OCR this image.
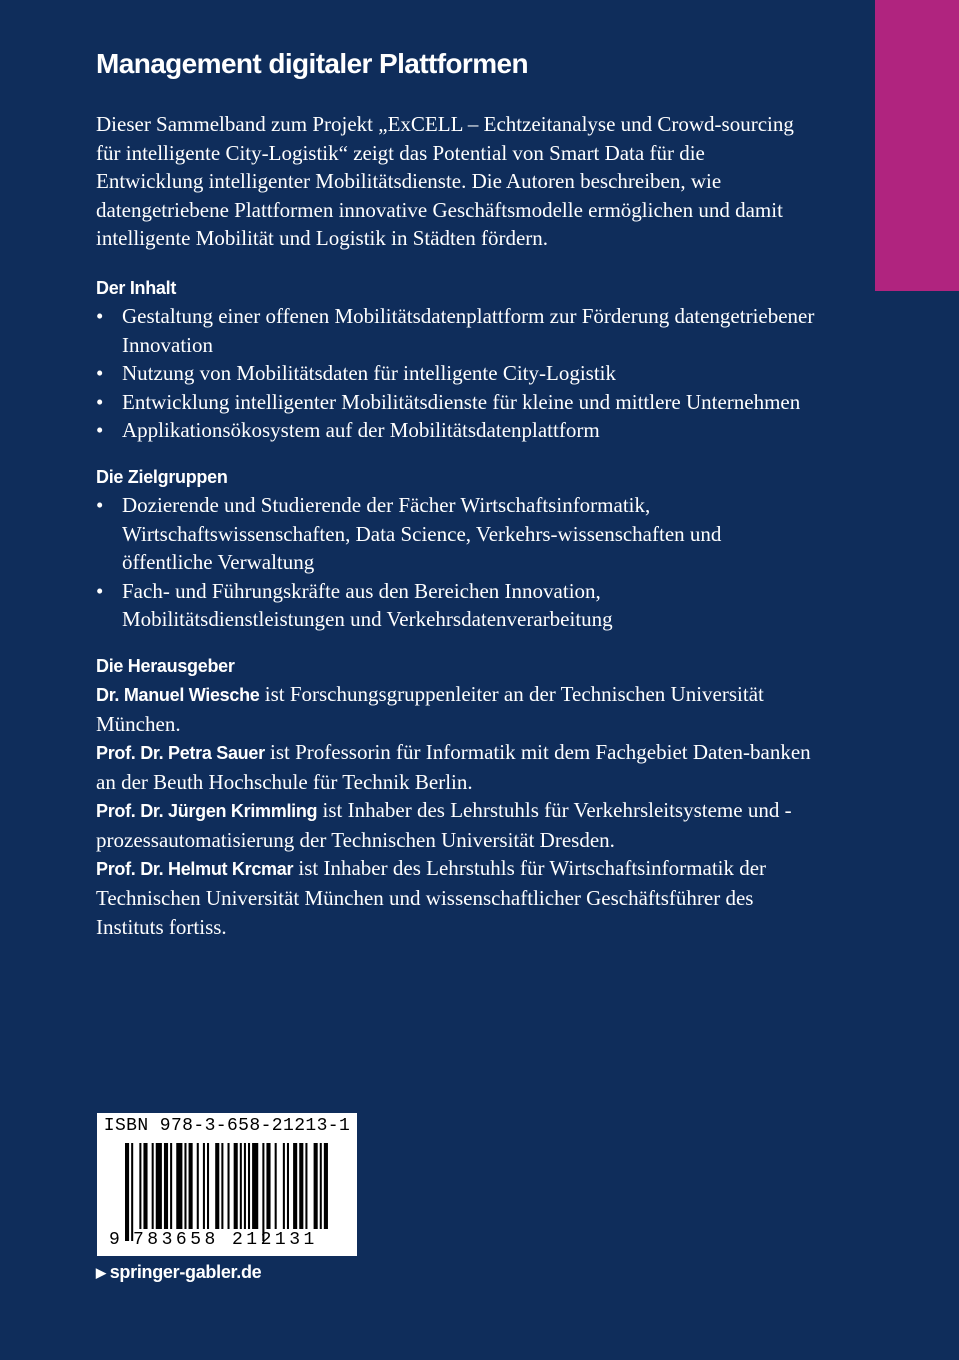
Management digitaler Plattformen

Dieser Sammelband zum Projekt „ExCELL – Echtzeitanalyse und Crowd-sourcing für intelligente City-Logistik“ zeigt das Potential von Smart Data für die Entwicklung intelligenter Mobilitätsdienste. Die Autoren beschreiben, wie datengetriebene Plattformen innovative Geschäftsmodelle ermöglichen und damit intelligente Mobilität und Logistik in Städten fördern.

Der Inhalt
• Gestaltung einer offenen Mobilitätsdatenplattform zur Förderung datengetriebener Innovation
• Nutzung von Mobilitätsdaten für intelligente City-Logistik
• Entwicklung intelligenter Mobilitätsdienste für kleine und mittlere Unternehmen
• Applikationsökosystem auf der Mobilitätsdatenplattform
Die Zielgruppen
• Dozierende und Studierende der Fächer Wirtschaftsinformatik, Wirtschaftswissenschaften, Data Science, Verkehrs-wissenschaften und öffentliche Verwaltung
• Fach- und Führungskräfte aus den Bereichen Innovation, Mobilitätsdienstleistungen und Verkehrsdatenverarbeitung
Die Herausgeber

Dr. Manuel Wiesche ist Forschungsgruppenleiter an der Technischen Universität München.

Prof. Dr. Petra Sauer ist Professorin für Informatik mit dem Fachgebiet Daten-banken an der Beuth Hochschule für Technik Berlin.

Prof. Dr. Jürgen Krimmling ist Inhaber des Lehrstuhls für Verkehrsleitsysteme und -prozessautomatisierung der Technischen Universität Dresden.

Prof. Dr. Helmut Krcmar ist Inhaber des Lehrstuhls für Wirtschaftsinformatik der Technischen Universität München und wissenschaftlicher Geschäftsführer des Instituts fortiss.

ISBN 978-3-658-21213-1
9 783658 212131
▶ springer-gabler.de
